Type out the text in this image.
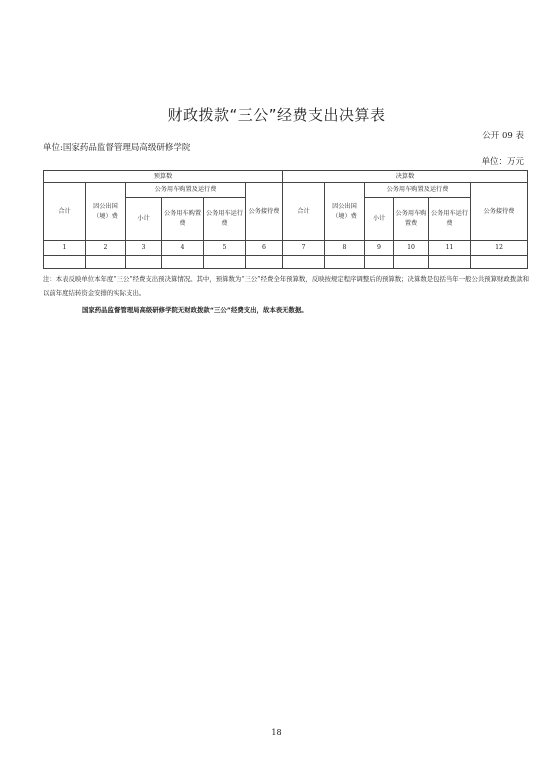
财政拨款“三公”经费支出决算表
公开 09 表
单位:国家药品监督管理局高级研修学院
单位：万元
预算数						决算数					
合计	因公出国（境）费	公务用车购置及运行费			公务接待费	合计	因公出国（境）费	公务用车购置及运行费			公务接待费
		小计	公务用车购置费	公务用车运行费				小计	公务用车购置费	公务用车运行费	
1	2	3	4	5	6	7	8	9	10	11	12

注：本表反映单位本年度“三公”经费支出预决算情况。其中，预算数为“三公”经费全年预算数，反映按规定程序调整后的预算数；决算数是包括当年一般公共预算财政拨款和以前年度结转资金安排的实际支出。
国家药品监督管理局高级研修学院无财政拨款“三公”经费支出，故本表无数据。
18
